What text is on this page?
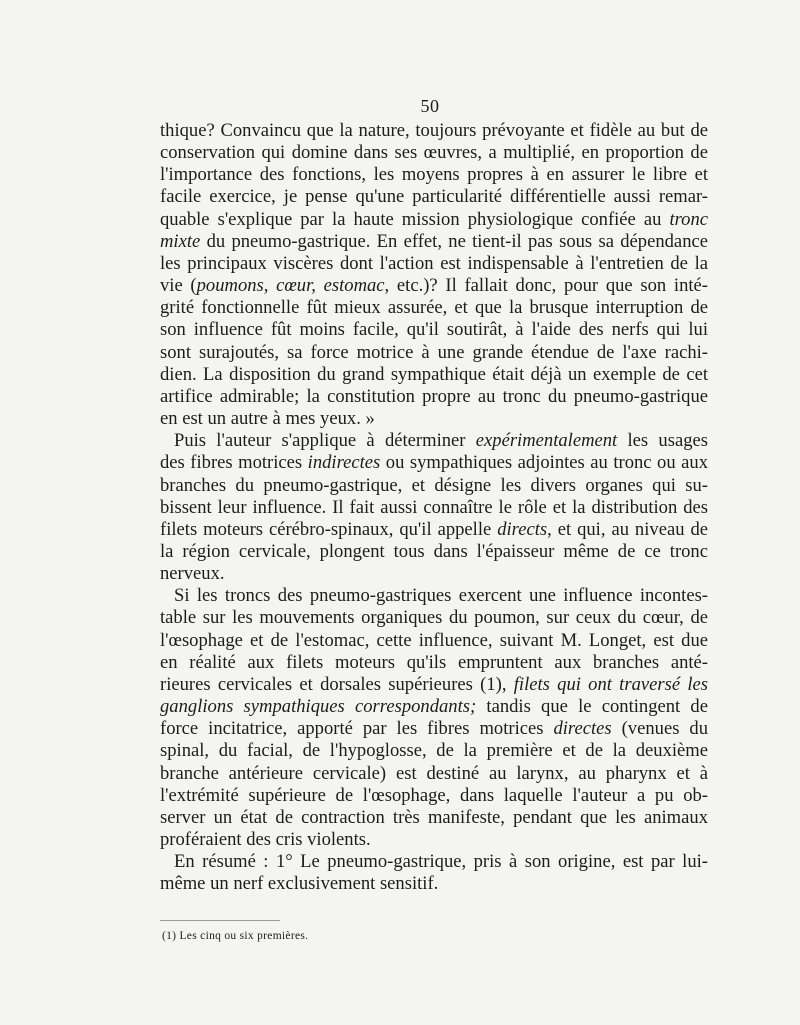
50
thique? Convaincu que la nature, toujours prévoyante et fidèle au but de
conservation qui domine dans ses œuvres, a multiplié, en proportion de
l'importance des fonctions, les moyens propres à en assurer le libre et
facile exercice, je pense qu'une particularité différentielle aussi remar-
quable s'explique par la haute mission physiologique confiée au tronc
mixte du pneumo-gastrique. En effet, ne tient-il pas sous sa dépendance
les principaux viscères dont l'action est indispensable à l'entretien de la
vie (poumons, cœur, estomac, etc.)? Il fallait donc, pour que son inté-
grité fonctionnelle fût mieux assurée, et que la brusque interruption de
son influence fût moins facile, qu'il soutirât, à l'aide des nerfs qui lui
sont surajoutés, sa force motrice à une grande étendue de l'axe rachi-
dien. La disposition du grand sympathique était déjà un exemple de cet
artifice admirable; la constitution propre au tronc du pneumo-gastrique
en est un autre à mes yeux. »
Puis l'auteur s'applique à déterminer expérimentalement les usages
des fibres motrices indirectes ou sympathiques adjointes au tronc ou aux
branches du pneumo-gastrique, et désigne les divers organes qui su-
bissent leur influence. Il fait aussi connaître le rôle et la distribution des
filets moteurs cérébro-spinaux, qu'il appelle directs, et qui, au niveau de
la région cervicale, plongent tous dans l'épaisseur même de ce tronc
nerveux.
Si les troncs des pneumo-gastriques exercent une influence incontes-
table sur les mouvements organiques du poumon, sur ceux du cœur, de
l'œsophage et de l'estomac, cette influence, suivant M. Longet, est due
en réalité aux filets moteurs qu'ils empruntent aux branches anté-
rieures cervicales et dorsales supérieures (1), filets qui ont traversé les
ganglions sympathiques correspondants; tandis que le contingent de
force incitatrice, apporté par les fibres motrices directes (venues du
spinal, du facial, de l'hypoglosse, de la première et de la deuxième
branche antérieure cervicale) est destiné au larynx, au pharynx et à
l'extrémité supérieure de l'œsophage, dans laquelle l'auteur a pu ob-
server un état de contraction très manifeste, pendant que les animaux
proféraient des cris violents.
En résumé : 1° Le pneumo-gastrique, pris à son origine, est par lui-
même un nerf exclusivement sensitif.
(1) Les cinq ou six premières.
